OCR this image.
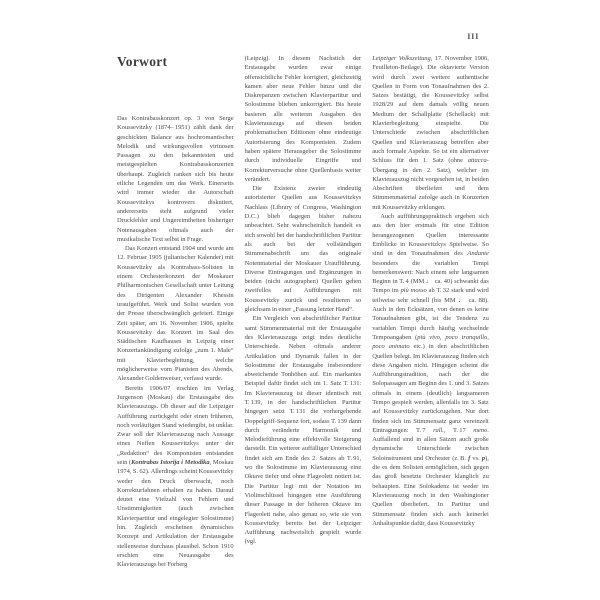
III
Vorwort

Das Kontrabasskonzert op. 3 von Serge Koussevitzky (1874– 1951) zählt dank der geschickten Balance aus hochromantischer Melodik und wirkungsvollen virtuosen Passagen zu den bekanntesten und meistgespielten Kontrabasskonzerten überhaupt. Zugleich ranken sich bis heute etliche Legenden um das Werk. Einerseits wird immer wieder die Autorschaft Koussevitzkys kontrovers diskutiert, andererseits steht aufgrund vieler Druckfehler und Ungereimtheiten bisheriger Notenausgaben oftmals auch der musikalische Text selbst in Frage.

Das Konzert entstand 1904 und wurde am 12. Februar 1905 (julianischer Kalender) mit Koussevitzky als Kontrabass-Solisten in einem Orchesterkonzert der Moskauer Philharmonischen Gesellschaft unter Leitung des Dirigenten Alexander Khessin uraufgeführt. Werk und Solist wurden von der Presse überschwänglich gefeiert. Einige Zeit später, am 16. November 1906, spielte Koussevitzky das Konzert im Saal des Städtischen Kaufhauses in Leipzig einer Konzertankündigung zufolge „zum 1. Male“ mit Klavierbegleitung, welche möglicherweise vom Pianisten des Abends, Alexander Goldenweiser, verfasst wurde.

Bereits 1906/07 erschien im Verlag Jurgenson (Moskau) die Erstausgabe des Klavierauszugs. Ob dieser auf die Leipziger Aufführung zurückgeht oder einen früheren, noch vorläufigen Stand wiedergibt, ist unklar. Zwar soll der Klavierauszug nach Aussage eines Neffen Koussevitzkys unter der „Redaktion“ des Komponisten entstanden sein (Kontrabas Istorija i Metodika, Moskau 1974, S. 62). Allerdings scheint Koussevitzky weder den Druck überwacht, noch Korrekturfahnen erhalten zu haben. Darauf deutet eine Vielzahl von Fehlern und Unstimmigkeiten (auch zwischen Klavierpartitur und eingelegter Solostimme) hin. Zugleich erscheinen dynamisches Konzept und Artikulation der Erstausgabe stellenweise durchaus plausibel. Schon 1910 erschien eine Neuausgabe des Klavierauszugs bei Forberg

(Leipzig). In diesem Nachstich der Erstausgabe wurden zwar einige offensichtliche Fehler korrigiert, gleichzeitig kamen aber neue Fehler hinzu und die Diskrepanzen zwischen Klavierpartitur und Solostimme blieben unkorrigiert. Bis heute basieren alle weiteren Ausgaben des Klavierauszugs auf diesen beiden problematischen Editionen ohne eindeutige Autorisierung des Komponisten. Zudem haben spätere Herausgeber die Solostimme durch individuelle Eingriffe und Korrekturversuche ohne Quellenbasis weiter verändert.

Die Existenz zweier eindeutig autorisierter Quellen aus Koussevitzkys Nachlass (Library of Congress, Washington D.C.) blieb dagegen bisher nahezu unbeachtet. Sehr wahrscheinlich handelt es sich sowohl bei der handschriftlichen Partitur als auch bei der vollständigen Stimmenabschrift um das originale Notenmaterial der Moskauer Uraufführung. Diverse Eintragungen und Ergänzungen in beiden (nicht autographen) Quellen gehen zweifellos auf Aufführungen mit Koussevitzky zurück und resultieren so gleichsam in einer „Fassung letzter Hand“.

Ein Vergleich von abschriftlicher Partitur samt Stimmenmaterial mit der Erstausgabe des Klavierauszugs zeigt indes deutliche Unterschiede. Neben oftmals anderer Artikulation und Dynamik fallen in der Solostimme der Erstausgabe insbesondere abweichende Tonhöhen auf. Ein markantes Beispiel dafür findet sich im 1. Satz T. 131: Im Klavierauszug ist dieser identisch mit T. 139, in der handschriftlichen Partitur hingegen setzt T. 131 die vorhergehende Doppelgriff-Sequenz fort, sodass T. 139 dann durch veränderte Harmonik und Melodieführung eine effektvolle Steigerung darstellt. Ein weiterer auffälliger Unterschied findet sich am Ende des 2. Satzes ab T. 91, wo die Solostimme im Klavierauszug eine Oktave tiefer und ohne Flageolett notiert ist. Die Partitur legt mit der Notation im Violinschlüssel hingegen eine Ausführung dieser Passage in der höheren Oktave im Flageolett nahe, also genau so, wie sie von Koussevitzky bereits bei der Leipziger Aufführung nachweislich gespielt wurde (vgl.

Leipziger Volkszeitung, 17. November 1906, Feuilleton-Beilage). Die oktavierte Version wird durch zwei weitere authentische Quellen in Form von Tonaufnahmen des 2. Satzes bestätigt, die Koussevitzky selbst 1928/29 auf dem damals völlig neuen Medium der Schallplatte (Schellack) mit Klavierbegleitung einspielte. Die Unterschiede zwischen abschriftlichen Quellen und Klavierauszug betreffen aber auch formale Aspekte. So ist ein alternativer Schluss für den 1. Satz (ohne attacca-Übergang in den 2. Satz), welcher im Klavierauszug nicht vorgesehen ist, in beiden Abschriften überliefert und dem Stimmenmaterial zufolge auch in Konzerten mit Koussevitzky erklungen.

Auch aufführungspraktisch ergeben sich aus den hier erstmals für eine Edition herangezogenen Quellen interessante Einblicke in Koussevitzkys Spielweise. So sind in den Tonaufnahmen des Andante besonders die variablen Tempi bemerkenswert: Nach einem sehr langsamen Beginn in T. 4 (MM ♩ ca. 40) schwankt das Tempo im più mosso ab T. 32 stark und wird teilweise sehr schnell (bis MM ♩ ca. 88). Auch in den Ecksätzen, von denen es keine Tonaufnahmen gibt, ist die Tendenz zu variablen Tempi durch häufig wechselnde Tempoangaben (più vivo, poco tranquillo, poco animato etc.) in den abschriftlichen Quellen belegt. Im Klavierauszug finden sich diese Angaben nicht. Hingegen scheint die Aufführungstradition, nach der die Solopassagen am Beginn des 1. und 3. Satzes oftmals in einem (deutlich) langsameren Tempo gespielt werden, allenfalls im 3. Satz auf Koussevitzky zurückzugehen. Nur dort finden sich im Stimmensatz ganz vereinzelt Eintragungen: T. 7 rall., T. 17 meno. Auffallend sind in allen Sätzen auch große dynamische Unterschiede zwischen Soloinstrument und Orchester (z. B. f vs. p), die es dem Solisten ermöglichen, sich gegen das groß besetzte Orchester klanglich zu behaupten. Eine Solokadenz ist weder im Klavierauszug noch in den Washingtoner Quellen überliefert. In Partitur und Stimmensatz finden sich auch keinerlei Anhaltspunkte dafür, dass Koussevitzky
